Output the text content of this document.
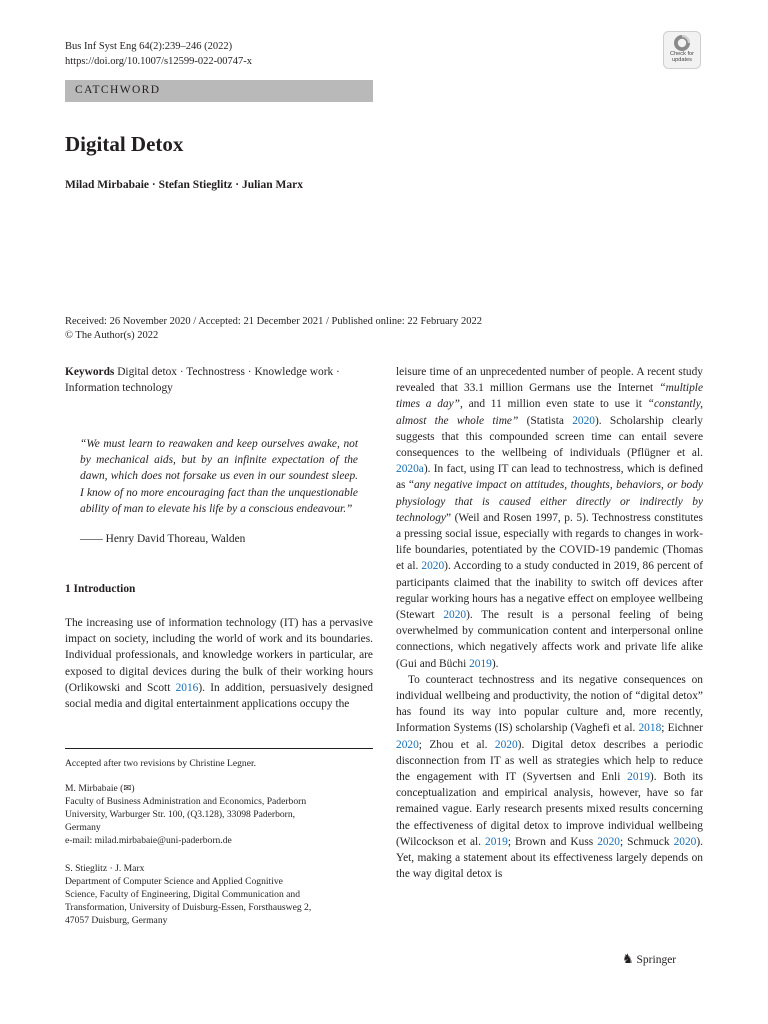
Bus Inf Syst Eng 64(2):239–246 (2022)
https://doi.org/10.1007/s12599-022-00747-x
Check for
updates
CATCHWORD
Digital Detox
Milad Mirbabaie · Stefan Stieglitz · Julian Marx
Received: 26 November 2020 / Accepted: 21 December 2021 / Published online: 22 February 2022
© The Author(s) 2022

Keywords Digital detox · Technostress · Knowledge work · Information technology

“We must learn to reawaken and keep ourselves awake, not by mechanical aids, but by an infinite expectation of the dawn, which does not forsake us even in our soundest sleep. I know of no more encouraging fact than the unquestionable ability of man to elevate his life by a conscious endeavour.”
—— Henry David Thoreau, Walden
1 Introduction

The increasing use of information technology (IT) has a pervasive impact on society, including the world of work and its boundaries. Individual professionals, and knowledge workers in particular, are exposed to digital devices during the bulk of their working hours (Orlikowski and Scott 2016). In addition, persuasively designed social media and digital entertainment applications occupy the

Accepted after two revisions by Christine Legner.
M. Mirbabaie (✉)
Faculty of Business Administration and Economics, Paderborn
University, Warburger Str. 100, (Q3.128), 33098 Paderborn,
Germany
e-mail: milad.mirbabaie@uni-paderborn.de
S. Stieglitz · J. Marx
Department of Computer Science and Applied Cognitive
Science, Faculty of Engineering, Digital Communication and
Transformation, University of Duisburg-Essen, Forsthausweg 2,
47057 Duisburg, Germany

leisure time of an unprecedented number of people. A recent study revealed that 33.1 million Germans use the Internet “multiple times a day”, and 11 million even state to use it “constantly, almost the whole time” (Statista 2020). Scholarship clearly suggests that this compounded screen time can entail severe consequences to the wellbeing of individuals (Pflügner et al. 2020a). In fact, using IT can lead to technostress, which is defined as “any negative impact on attitudes, thoughts, behaviors, or body physiology that is caused either directly or indirectly by technology” (Weil and Rosen 1997, p. 5). Technostress constitutes a pressing social issue, especially with regards to changes in work-life boundaries, potentiated by the COVID-19 pandemic (Thomas et al. 2020). According to a study conducted in 2019, 86 percent of participants claimed that the inability to switch off devices after regular working hours has a negative effect on employee wellbeing (Stewart 2020). The result is a personal feeling of being overwhelmed by communication content and interpersonal online connections, which negatively affects work and private life alike (Gui and Büchi 2019).

To counteract technostress and its negative consequences on individual wellbeing and productivity, the notion of “digital detox” has found its way into popular culture and, more recently, Information Systems (IS) scholarship (Vaghefi et al. 2018; Eichner 2020; Zhou et al. 2020). Digital detox describes a periodic disconnection from IT as well as strategies which help to reduce the engagement with IT (Syvertsen and Enli 2019). Both its conceptualization and empirical analysis, however, have so far remained vague. Early research presents mixed results concerning the effectiveness of digital detox to improve individual wellbeing (Wilcockson et al. 2019; Brown and Kuss 2020; Schmuck 2020). Yet, making a statement about its effectiveness largely depends on the way digital detox is

♞ Springer
